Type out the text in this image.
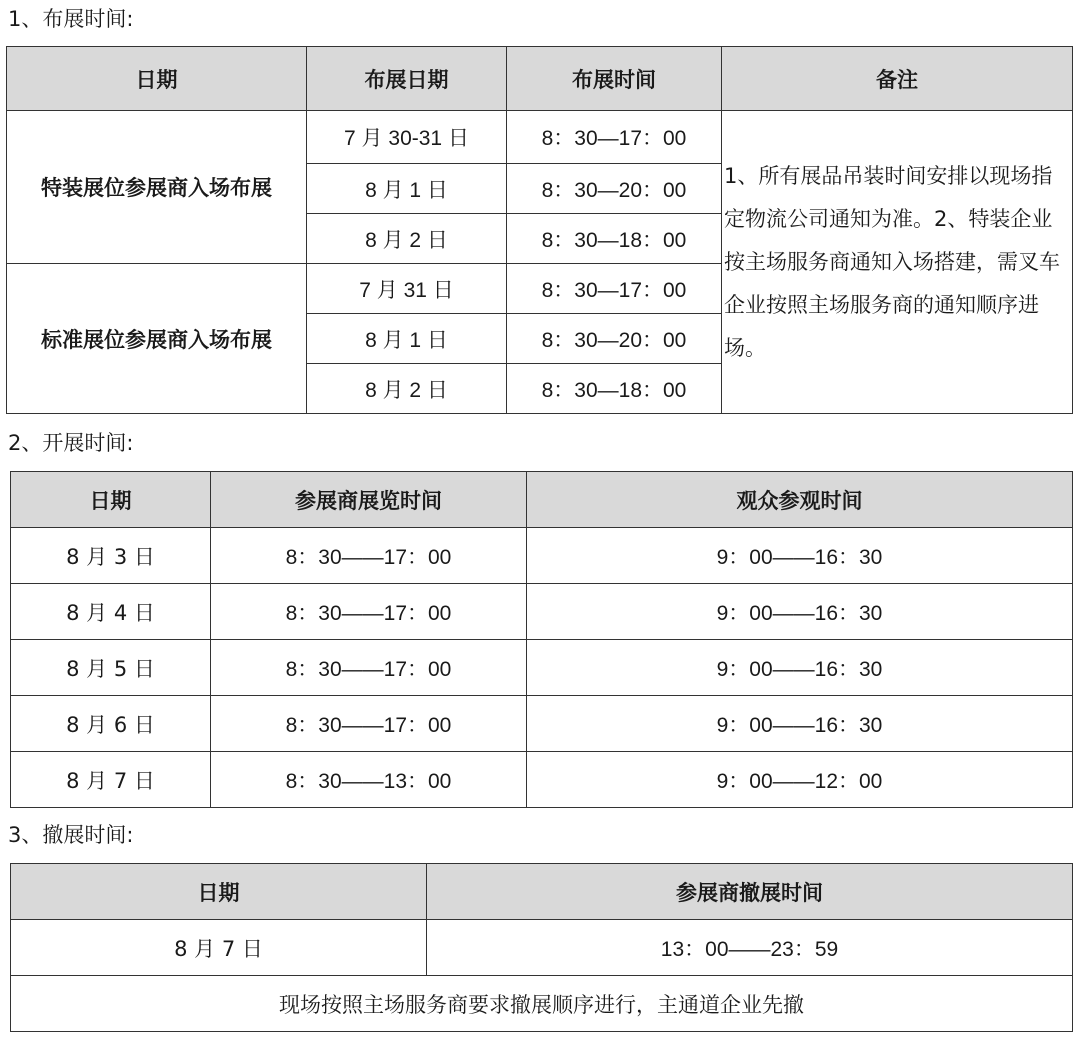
1、布展时间:

日期	布展日期	布展时间	备注
特装展位参展商入场布展	7 月 30-31 日	8：30—17：00	1、所有展品吊装时间安排以现场指定物流公司通知为准。2、特装企业按主场服务商通知入场搭建，需叉车企业按照主场服务商的通知顺序进场。
	8 月 1 日	8：30—20：00	
	8 月 2 日	8：30—18：00	
标准展位参展商入场布展	7 月 31 日	8：30—17：00	
	8 月 1 日	8：30—20：00	
	8 月 2 日	8：30—18：00	

2、开展时间:

日期	参展商展览时间	观众参观时间
8 月 3 日	8：30——17：00	9：00——16：30
8 月 4 日	8：30——17：00	9：00——16：30
8 月 5 日	8：30——17：00	9：00——16：30
8 月 6 日	8：30——17：00	9：00——16：30
8 月 7 日	8：30——13：00	9：00——12：00

3、撤展时间:

日期	参展商撤展时间
8 月 7 日	13：00——23：59
现场按照主场服务商要求撤展顺序进行，主通道企业先撤	
